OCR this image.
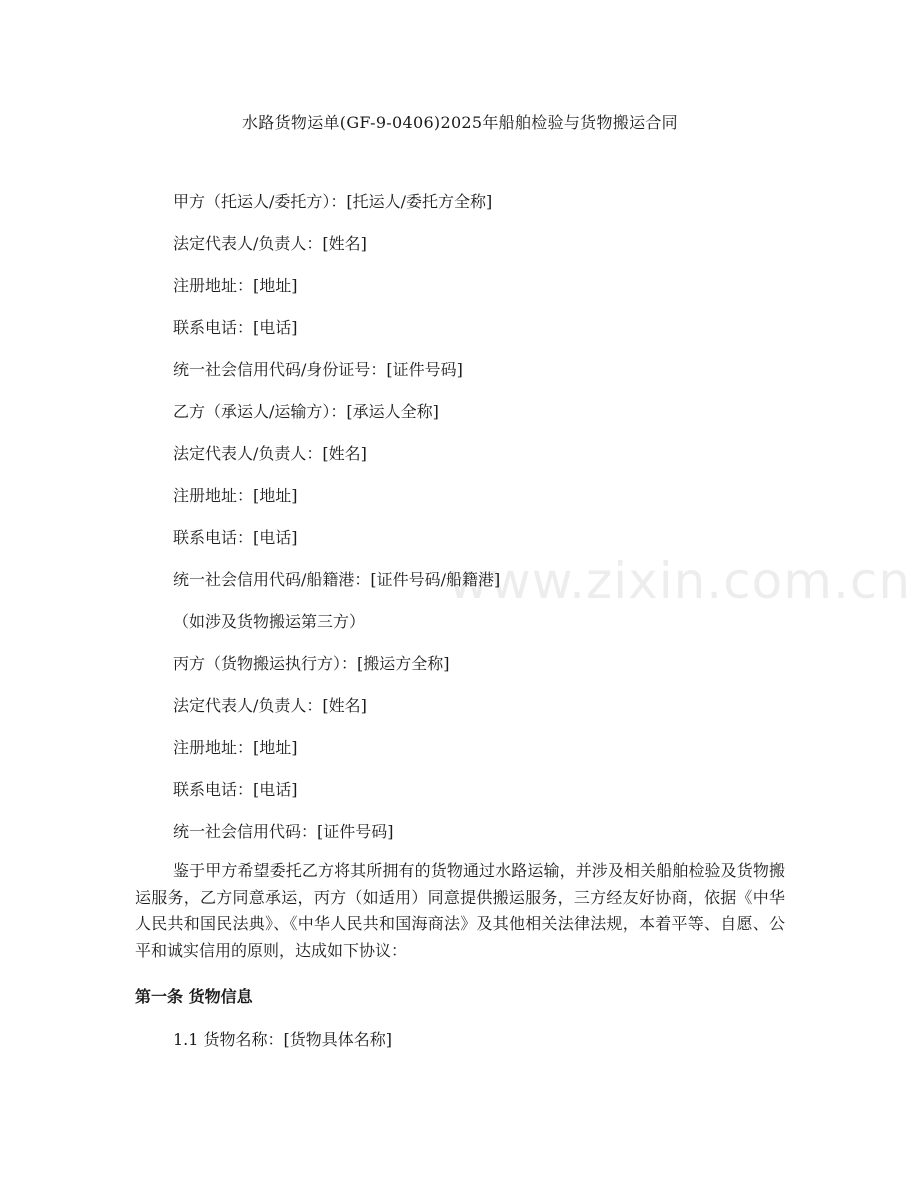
水路货物运单(GF-9-0406)2025年船舶检验与货物搬运合同
甲方（托运人/委托方）：[托运人/委托方全称]
法定代表人/负责人：[姓名]
注册地址：[地址]
联系电话：[电话]
统一社会信用代码/身份证号：[证件号码]
乙方（承运人/运输方）：[承运人全称]
法定代表人/负责人：[姓名]
注册地址：[地址]
联系电话：[电话]
统一社会信用代码/船籍港：[证件号码/船籍港]
（如涉及货物搬运第三方）
丙方（货物搬运执行方）：[搬运方全称]
法定代表人/负责人：[姓名]
注册地址：[地址]
联系电话：[电话]
统一社会信用代码：[证件号码]
鉴于甲方希望委托乙方将其所拥有的货物通过水路运输，并涉及相关船舶检验及货物搬运服务，乙方同意承运，丙方（如适用）同意提供搬运服务，三方经友好协商，依据《中华人民共和国民法典》、《中华人民共和国海商法》及其他相关法律法规，本着平等、自愿、公平和诚实信用的原则，达成如下协议：
第一条 货物信息
1.1 货物名称：[货物具体名称]
www.zixin.com.cn
